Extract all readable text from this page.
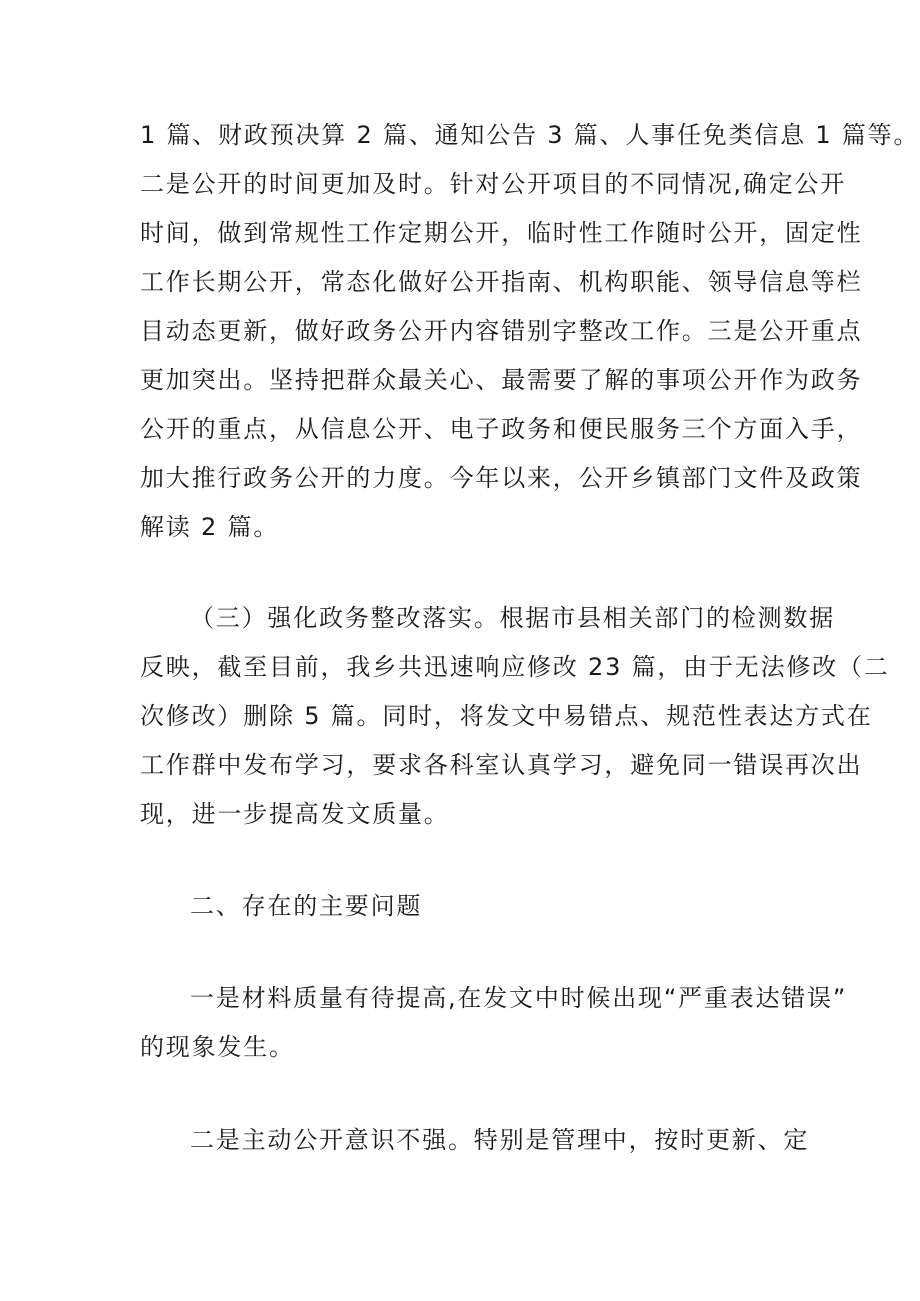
1 篇、财政预决算 2 篇、通知公告 3 篇、人事任免类信息 1 篇等。
二是公开的时间更加及时。针对公开项目的不同情况,确定公开
时间，做到常规性工作定期公开，临时性工作随时公开，固定性
工作长期公开，常态化做好公开指南、机构职能、领导信息等栏
目动态更新，做好政务公开内容错别字整改工作。三是公开重点
更加突出。坚持把群众最关心、最需要了解的事项公开作为政务
公开的重点，从信息公开、电子政务和便民服务三个方面入手，
加大推行政务公开的力度。今年以来，公开乡镇部门文件及政策
解读 2 篇。
（三）强化政务整改落实。根据市县相关部门的检测数据
反映，截至目前，我乡共迅速响应修改 23 篇，由于无法修改（二
次修改）删除 5 篇。同时，将发文中易错点、规范性表达方式在
工作群中发布学习，要求各科室认真学习，避免同一错误再次出
现，进一步提高发文质量。
二、存在的主要问题
一是材料质量有待提高,在发文中时候出现“严重表达错误”
的现象发生。
二是主动公开意识不强。特别是管理中，按时更新、定
